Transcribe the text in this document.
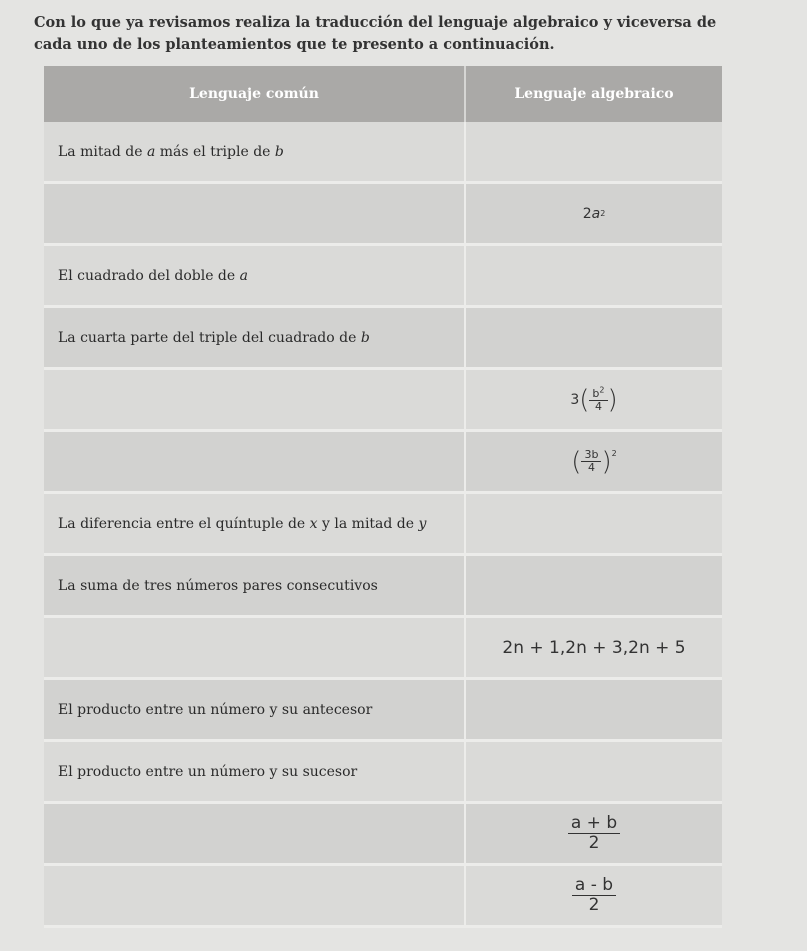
Con lo que ya revisamos realiza la traducción del lenguaje algebraico y viceversa de cada uno de los planteamientos que te presento a continuación.

Lenguaje común	Lenguaje algebraico
La mitad de a más el triple de b	

	2 a 2

El cuadrado del doble de a	
La cuarta parte del triple del cuadrado de b	

	3 ( $\frac{b^2}{4}$ )

	( $\frac{3b}{4} )^2$

La diferencia entre el quíntuple de x y la mitad de y	
La suma de tres números pares consecutivos	
	2n + 1,2n + 3,2n + 5
El producto entre un número y su antecesor	
El producto entre un número y su sucesor	

	$\frac{a + b}{2}$

	$\frac{a - b}{2}$
